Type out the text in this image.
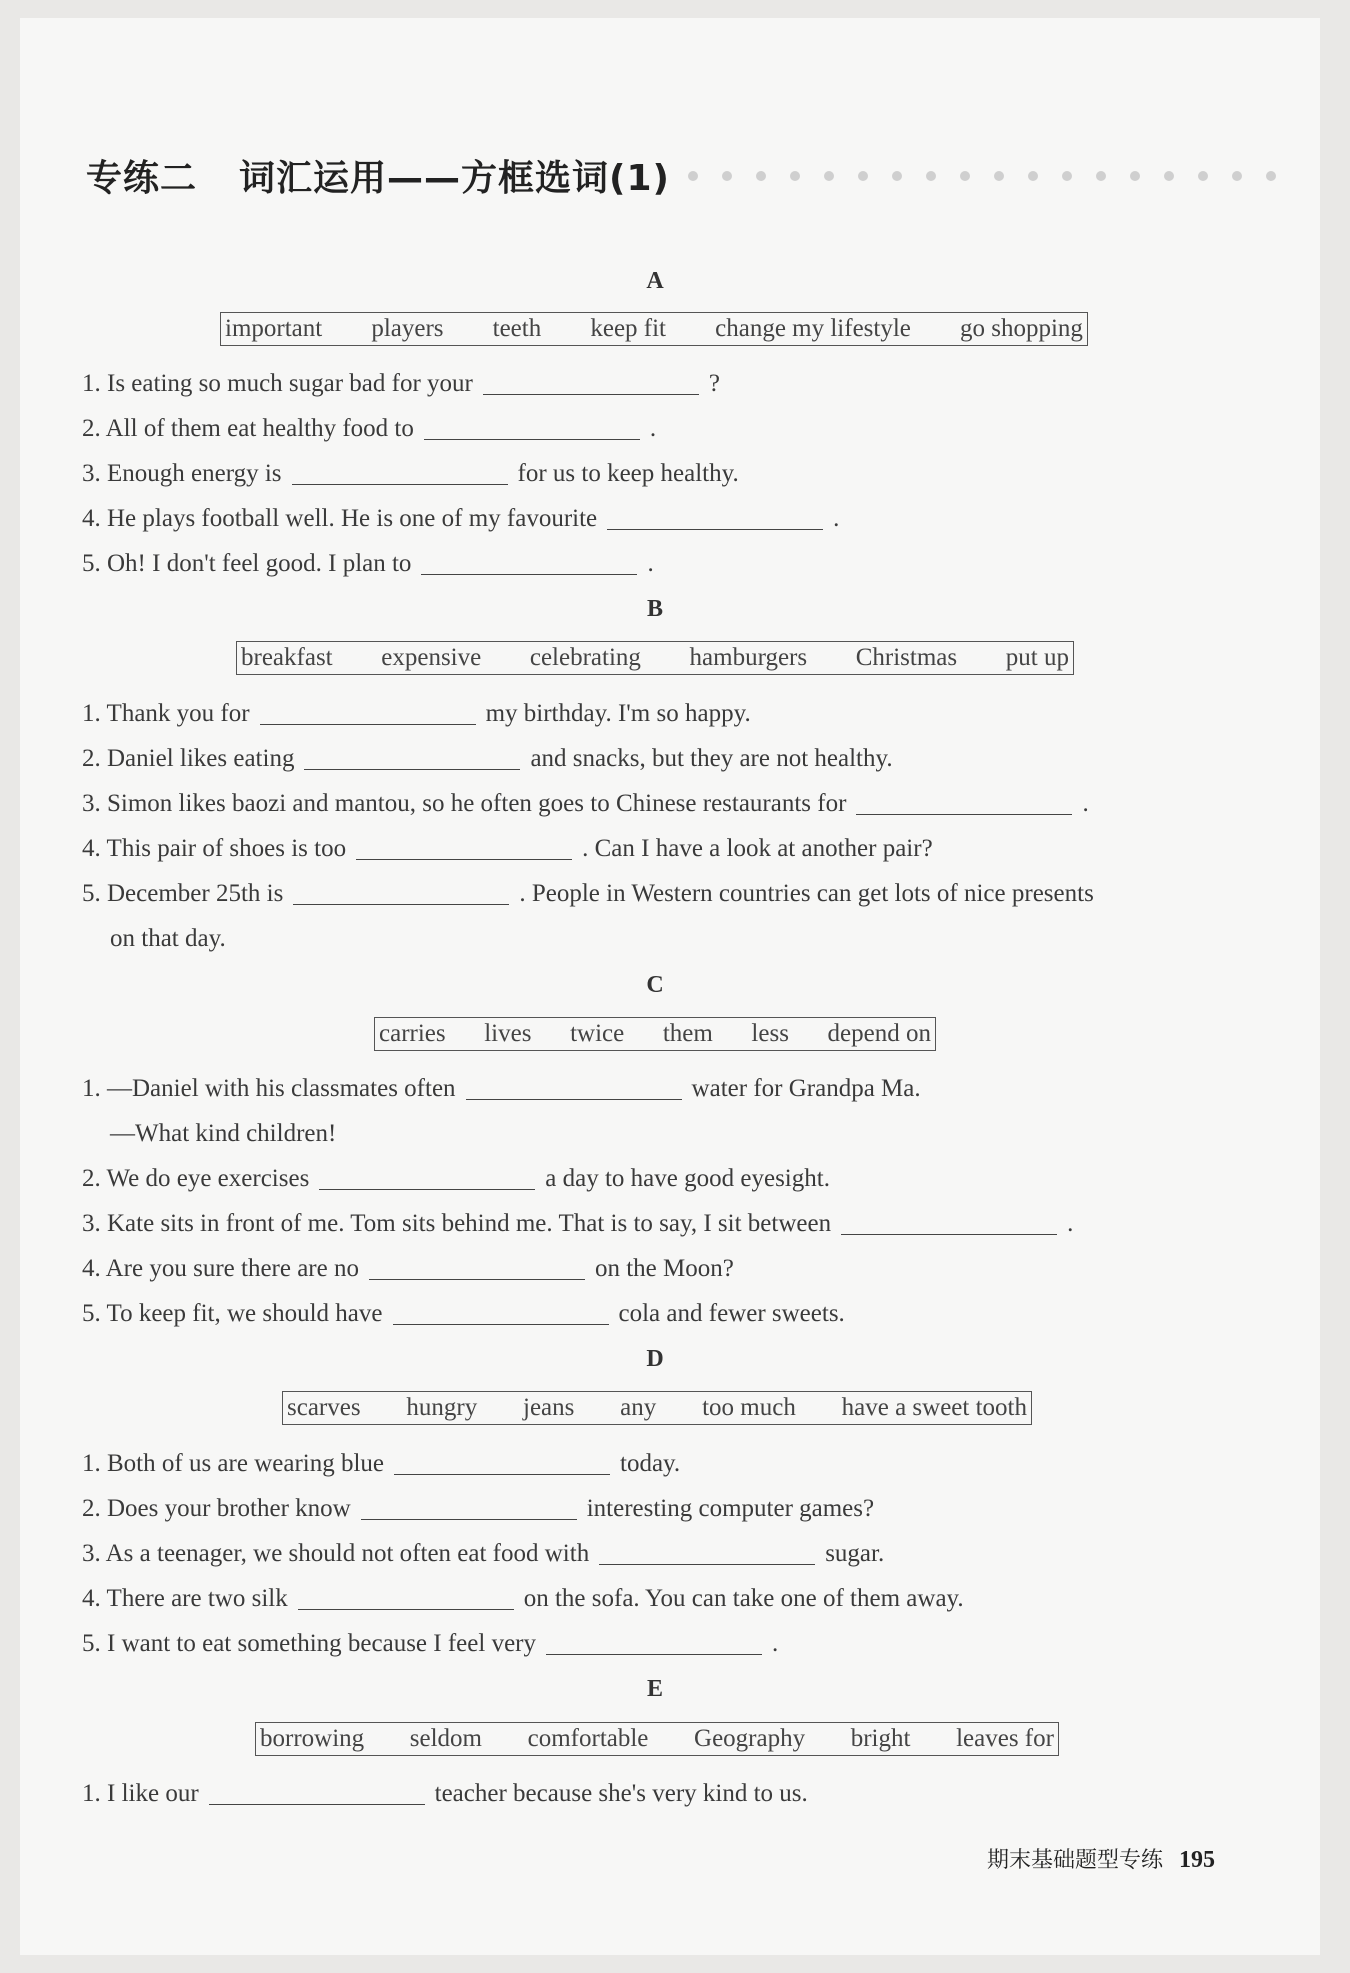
专练二 词汇运用——方框选词(1)
A
important players teeth keep fit change my lifestyle go shopping
1. Is eating so much sugar bad for your	?
2. All of them eat healthy food to	.
3. Enough energy is	for us to keep healthy.
4. He plays football well. He is one of my favourite	.
5. Oh! I don't feel good. I plan to	.
B
breakfast expensive celebrating hamburgers Christmas put up
1. Thank you for	my birthday. I'm so happy.
2. Daniel likes eating	and snacks, but they are not healthy.
3. Simon likes baozi and mantou, so he often goes to Chinese restaurants for	.
4. This pair of shoes is too	. Can I have a look at another pair?
5. December 25th is	. People in Western countries can get lots of nice presents
on that day.
C
carries lives twice them less depend on
1. —Daniel with his classmates often	water for Grandpa Ma.
—What kind children!
2. We do eye exercises	a day to have good eyesight.
3. Kate sits in front of me. Tom sits behind me. That is to say, I sit between	.
4. Are you sure there are no	on the Moon?
5. To keep fit, we should have	cola and fewer sweets.
D
scarves hungry jeans any too much have a sweet tooth
1. Both of us are wearing blue	today.
2. Does your brother know	interesting computer games?
3. As a teenager, we should not often eat food with	sugar.
4. There are two silk	on the sofa. You can take one of them away.
5. I want to eat something because I feel very	.
E
borrowing seldom comfortable Geography bright leaves for
1. I like our	teacher because she's very kind to us.
期末基础题型专练 195
